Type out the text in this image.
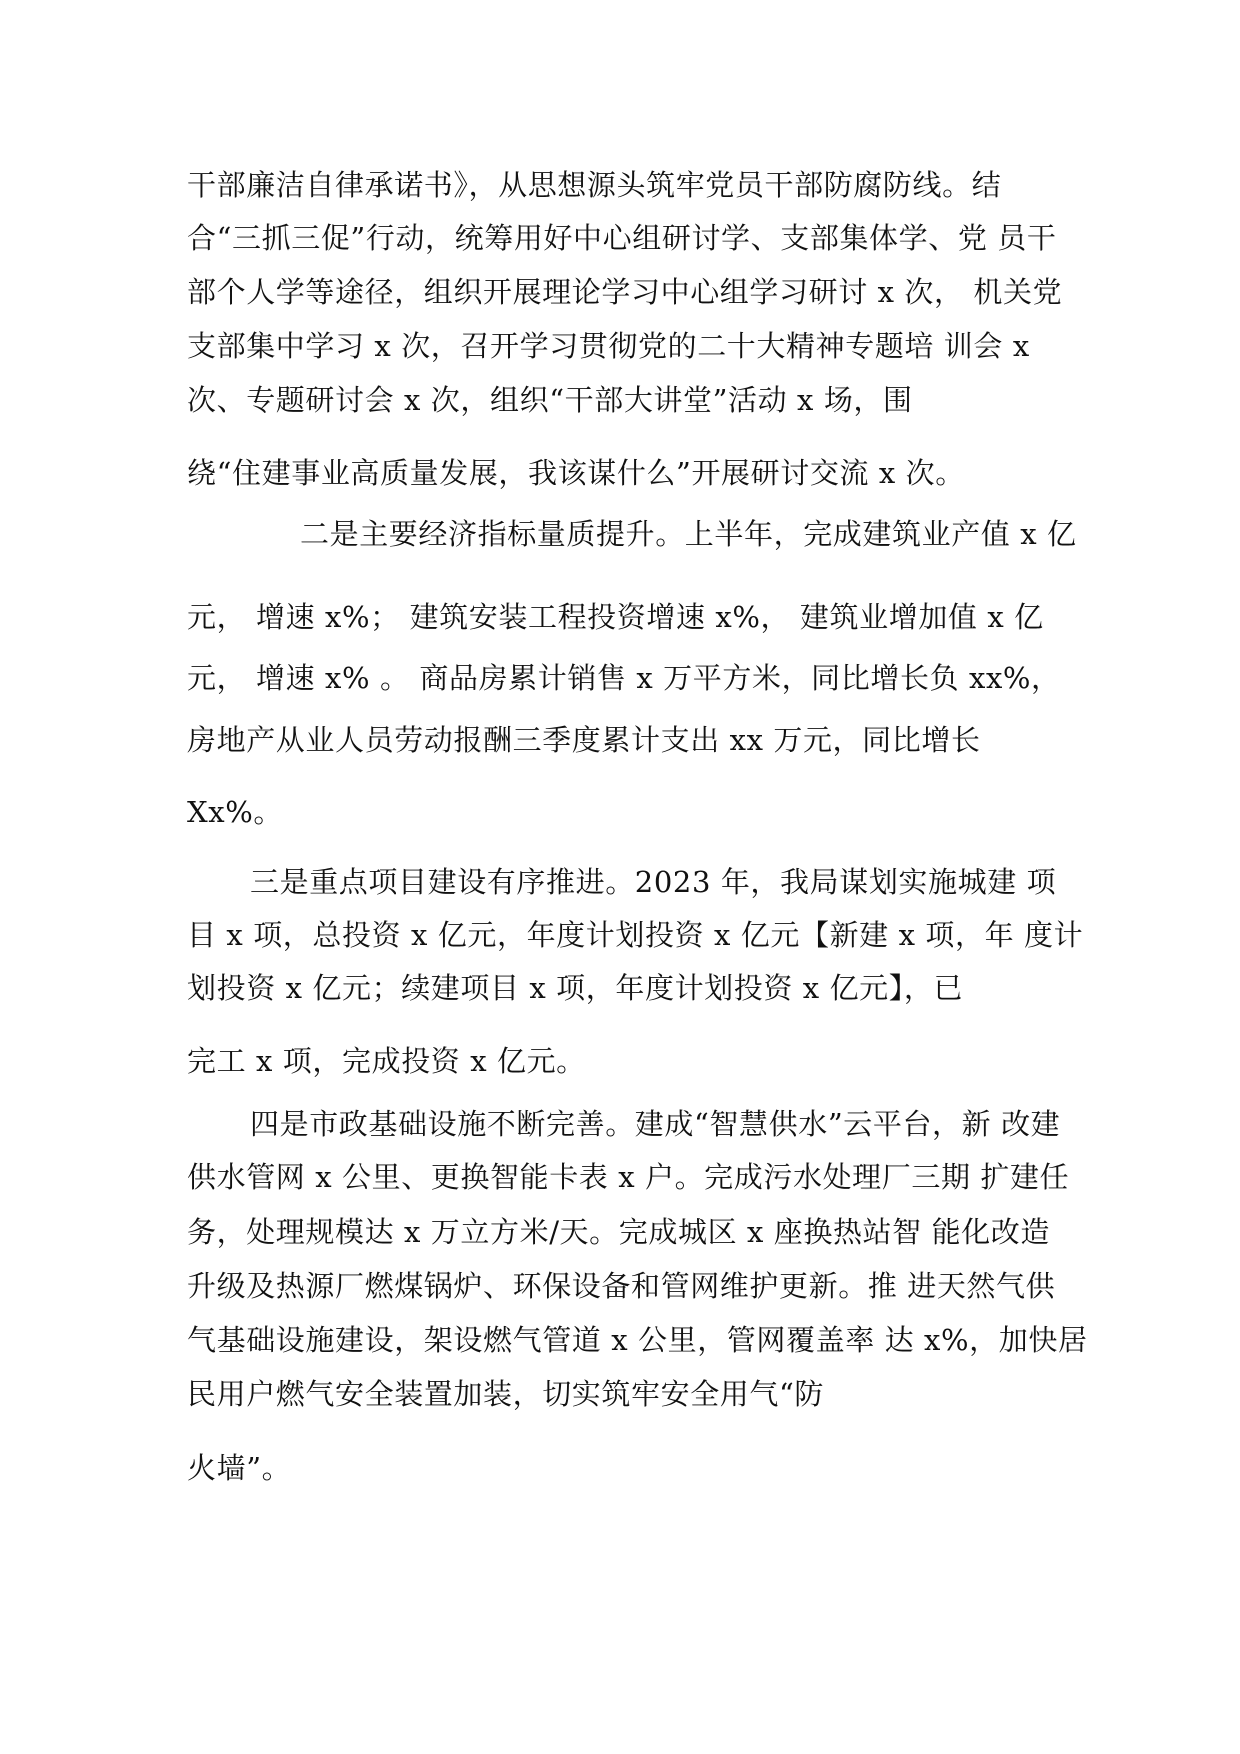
干部廉洁自律承诺书》，从思想源头筑牢党员干部防腐防线。结
合“三抓三促”行动，统筹用好中心组研讨学、支部集体学、党 员干
部个人学等途径，组织开展理论学习中心组学习研讨 x 次， 机关党
支部集中学习 x 次，召开学习贯彻党的二十大精神专题培 训会 x
次、专题研讨会 x 次，组织“干部大讲堂”活动 x 场，围
绕“住建事业高质量发展，我该谋什么”开展研讨交流 x 次。
二是主要经济指标量质提升。上半年，完成建筑业产值 x 亿
元， 增速 x%； 建筑安装工程投资增速 x%， 建筑业增加值 x 亿
元， 增速 x% 。 商品房累计销售 x 万平方米，同比增长负 xx%，
房地产从业人员劳动报酬三季度累计支出 xx 万元，同比增长
Xx%。
三是重点项目建设有序推进。2023 年，我局谋划实施城建 项
目 x 项，总投资 x 亿元，年度计划投资 x 亿元【新建 x 项，年 度计
划投资 x 亿元；续建项目 x 项，年度计划投资 x 亿元】，已
完工 x 项，完成投资 x 亿元。
四是市政基础设施不断完善。建成“智慧供水”云平台，新 改建
供水管网 x 公里、更换智能卡表 x 户。完成污水处理厂三期 扩建任
务，处理规模达 x 万立方米/天。完成城区 x 座换热站智 能化改造
升级及热源厂燃煤锅炉、环保设备和管网维护更新。推 进天然气供
气基础设施建设，架设燃气管道 x 公里，管网覆盖率 达 x%，加快居
民用户燃气安全装置加装，切实筑牢安全用气“防
火墙”。
